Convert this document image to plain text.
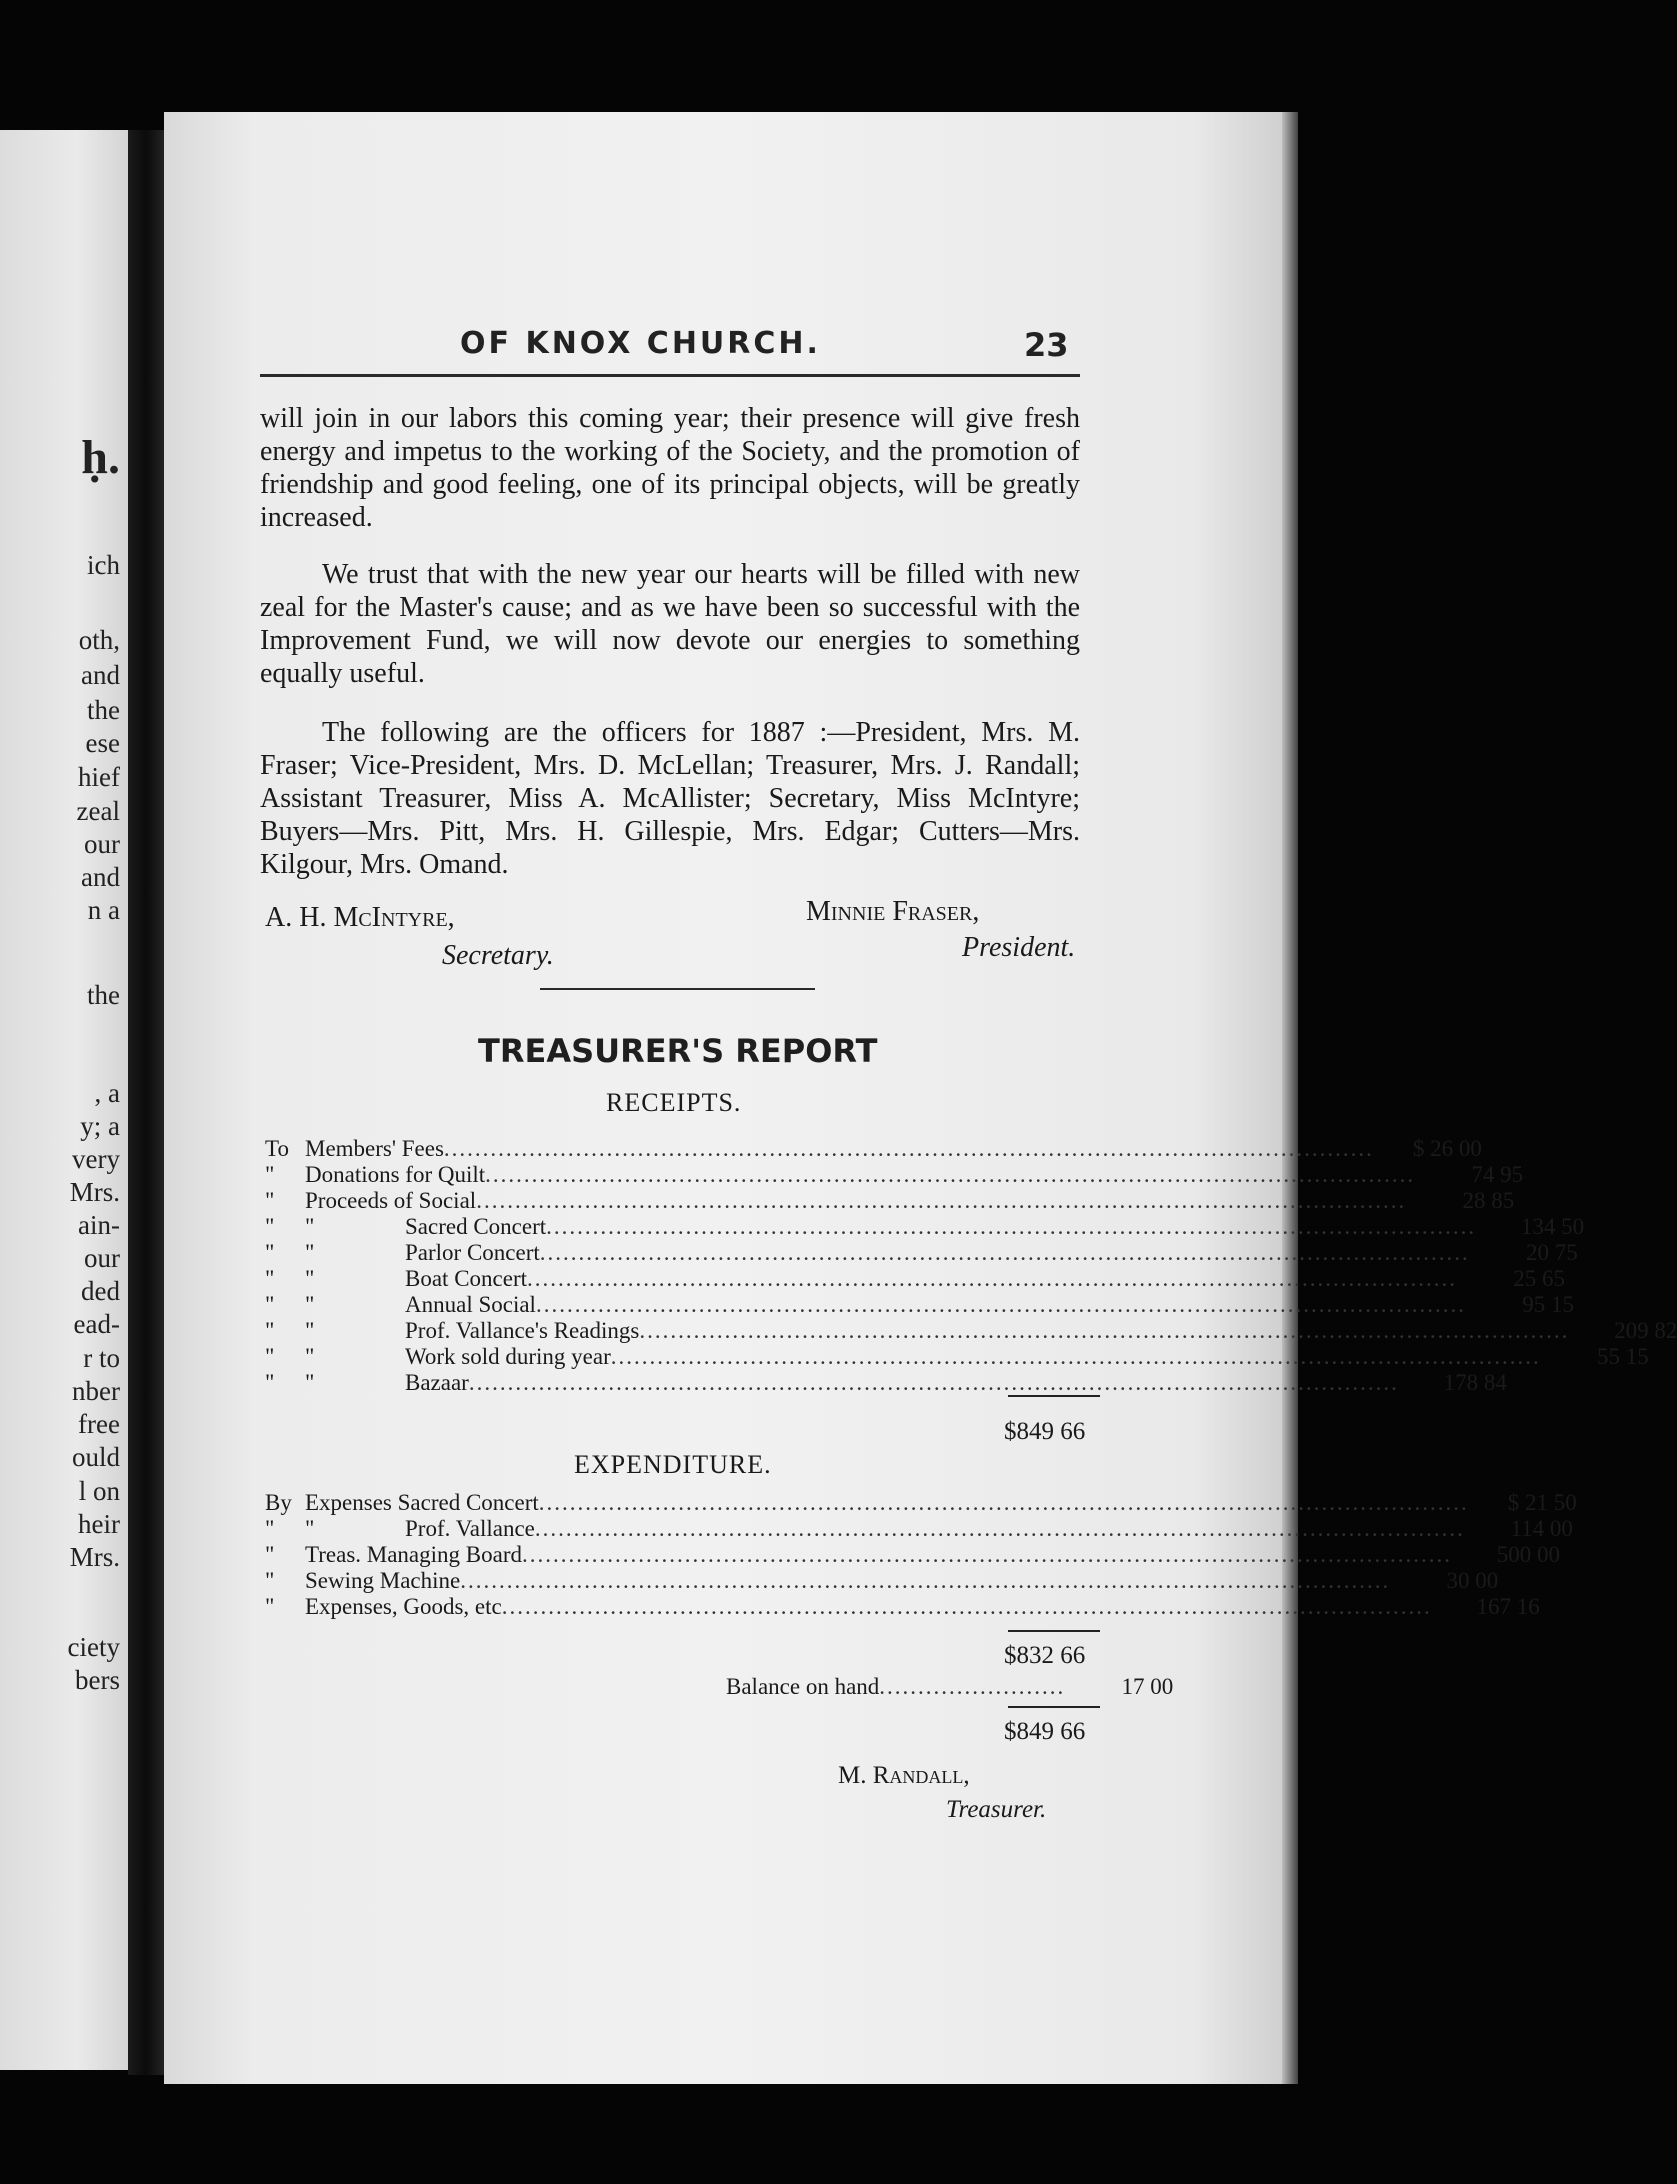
ḥ.
ich
oth,
and
the
ese
hief
zeal
our
and
n a
the
, a
y; a
very
Mrs.
ain-
our
ded
ead-
r to
nber
free
ould
l on
heir
Mrs.
ciety
bers
OF KNOX CHURCH.	23

will join in our labors this coming year; their presence will give fresh energy and impetus to the working of the Society, and the promotion of friendship and good feeling, one of its principal objects, will be greatly increased.

We trust that with the new year our hearts will be filled with new zeal for the Master's cause; and as we have been so successful with the Improvement Fund, we will now devote our energies to something equally useful.

The following are the officers for 1887 :—President, Mrs. M. Fraser; Vice-President, Mrs. D. McLellan; Treasurer, Mrs. J. Randall; Assistant Treasurer, Miss A. McAllister; Secretary, Miss McIntyre; Buyers—Mrs. Pitt, Mrs. H. Gillespie, Mrs. Edgar; Cutters—Mrs. Kilgour, Mrs. Omand.

A. H. McIntyre,
Secretary.
Minnie Fraser,
President.
TREASURER'S REPORT
RECEIPTS.
To Members' Fees ........................................................................................................................	$ 26 00
"	Donations for Quilt ........................................................................................................................	74 95
"	Proceeds of Social ........................................................................................................................	28 85
"	"	Sacred Concert ........................................................................................................................	134 50
"	"	Parlor Concert ........................................................................................................................	20 75
"	"	Boat Concert ........................................................................................................................	25 65
"	"	Annual Social ........................................................................................................................	95 15
"	"	Prof. Vallance's Readings ........................................................................................................................	209 82
"	"	Work sold during year ........................................................................................................................	55 15
"	"	Bazaar ........................................................................................................................	178 84
$849 66
EXPENDITURE.
By Expenses Sacred Concert ........................................................................................................................	$ 21 50
"	"	Prof. Vallance ........................................................................................................................	114 00
"	Treas. Managing Board ........................................................................................................................	500 00
"	Sewing Machine ........................................................................................................................	30 00
"	Expenses, Goods, etc ........................................................................................................................	167 16
$832 66
Balance on hand ........................	17 00
$849 66
M. Randall,
Treasurer.
